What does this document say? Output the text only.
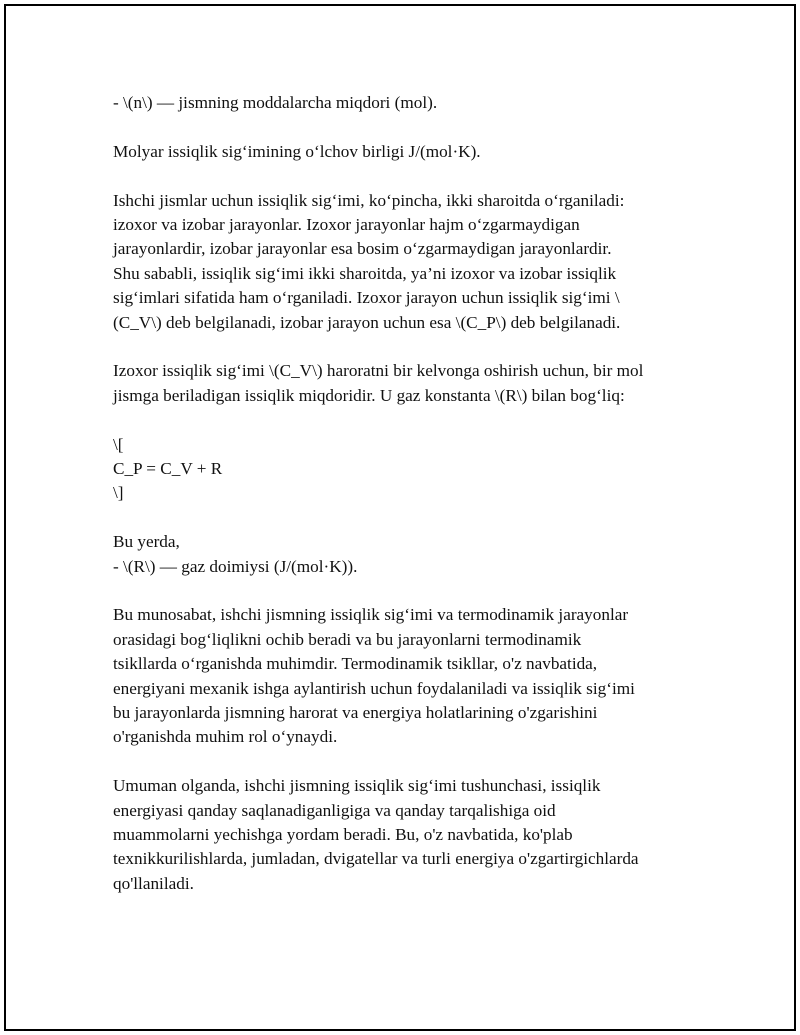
- \(n\) — jismning moddalarcha miqdori (mol).

Molyar issiqlik sig‘imining o‘lchov birligi J/(mol·K).

Ishchi jismlar uchun issiqlik sig‘imi, ko‘pincha, ikki sharoitda o‘rganiladi:
izoxor va izobar jarayonlar. Izoxor jarayonlar hajm o‘zgarmaydigan
jarayonlardir, izobar jarayonlar esa bosim o‘zgarmaydigan jarayonlardir.
Shu sababli, issiqlik sig‘imi ikki sharoitda, ya’ni izoxor va izobar issiqlik
sig‘imlari sifatida ham o‘rganiladi. Izoxor jarayon uchun issiqlik sig‘imi \
(C_V\) deb belgilanadi, izobar jarayon uchun esa \(C_P\) deb belgilanadi.

Izoxor issiqlik sig‘imi \(C_V\) haroratni bir kelvonga oshirish uchun, bir mol
jismga beriladigan issiqlik miqdoridir. U gaz konstanta \(R\) bilan bog‘liq:

\[
C_P = C_V + R
\]

Bu yerda,
- \(R\) — gaz doimiysi (J/(mol·K)).

Bu munosabat, ishchi jismning issiqlik sig‘imi va termodinamik jarayonlar
orasidagi bog‘liqlikni ochib beradi va bu jarayonlarni termodinamik
tsikllarda o‘rganishda muhimdir. Termodinamik tsikllar, o'z navbatida,
energiyani mexanik ishga aylantirish uchun foydalaniladi va issiqlik sig‘imi
bu jarayonlarda jismning harorat va energiya holatlarining o'zgarishini
o'rganishda muhim rol o‘ynaydi.

Umuman olganda, ishchi jismning issiqlik sig‘imi tushunchasi, issiqlik
energiyasi qanday saqlanadiganligiga va qanday tarqalishiga oid
muammolarni yechishga yordam beradi. Bu, o'z navbatida, ko'plab
texnikkurilishlarda, jumladan, dvigatellar va turli energiya o'zgartirgichlarda
qo'llaniladi.
